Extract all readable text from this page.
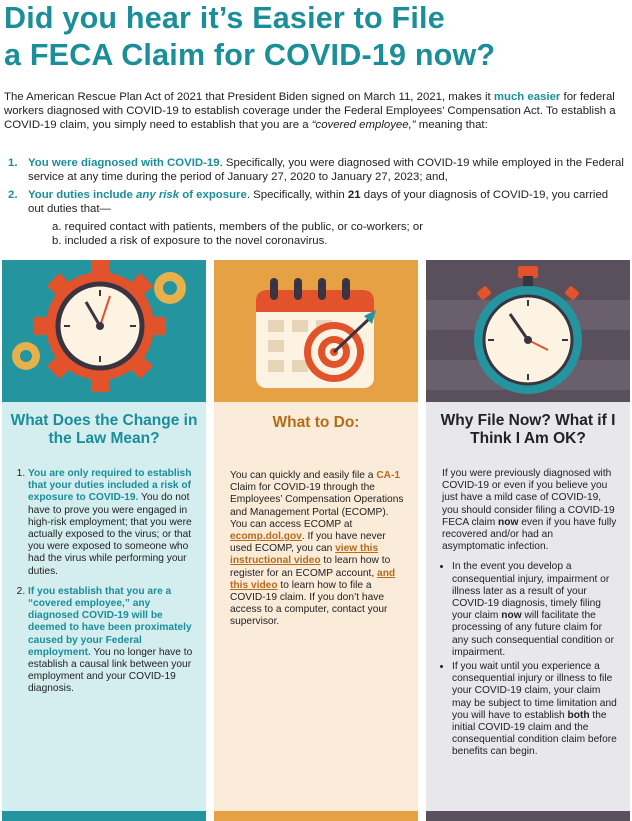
Did you hear it’s Easier to File
a FECA Claim for COVID-19 now?
The American Rescue Plan Act of 2021 that President Biden signed on March 11, 2021, makes it much easier for federal workers diagnosed with COVID-19 to establish coverage under the Federal Employees’ Compensation Act. To establish a COVID-19 claim, you simply need to establish that you are a “covered employee,” meaning that:
1. You were diagnosed with COVID-19. Specifically, you were diagnosed with COVID-19 while employed in the Federal service at any time during the period of January 27, 2020 to January 27, 2023; and,
2. Your duties include any risk of exposure. Specifically, within 21 days of your diagnosis of COVID-19, you carried out duties that—
a. required contact with patients, members of the public, or co-workers; or
b. included a risk of exposure to the novel coronavirus.
What Does the Change in the Law Mean?
1. You are only required to establish that your duties included a risk of exposure to COVID-19. You do not have to prove you were engaged in high-risk employment; that you were actually exposed to the virus; or that you were exposed to someone who had the virus while performing your duties.
2. If you establish that you are a “covered employee,” any diagnosed COVID-19 will be deemed to have been proximately caused by your Federal employment. You no longer have to establish a causal link between your employment and your COVID-19 diagnosis.
What to Do:
You can quickly and easily file a CA-1 Claim for COVID-19 through the Employees’ Compensation Operations and Management Portal (ECOMP). You can access ECOMP at ecomp.dol.gov. If you have never used ECOMP, you can view this instructional video to learn how to register for an ECOMP account, and this video to learn how to file a COVID-19 claim. If you don’t have access to a computer, contact your supervisor.
Why File Now? What if I Think I Am OK?
If you were previously diagnosed with COVID-19 or even if you believe you just have a mild case of COVID-19, you should consider filing a COVID-19 FECA claim now even if you have fully recovered and/or had an asymptomatic infection.
• In the event you develop a consequential injury, impairment or illness later as a result of your COVID-19 diagnosis, timely filing your claim now will facilitate the processing of any future claim for any such consequential condition or impairment.
• If you wait until you experience a consequential injury or illness to file your COVID-19 claim, your claim may be subject to time limitation and you will have to establish both the initial COVID-19 claim and the consequential condition claim before benefits can begin.
